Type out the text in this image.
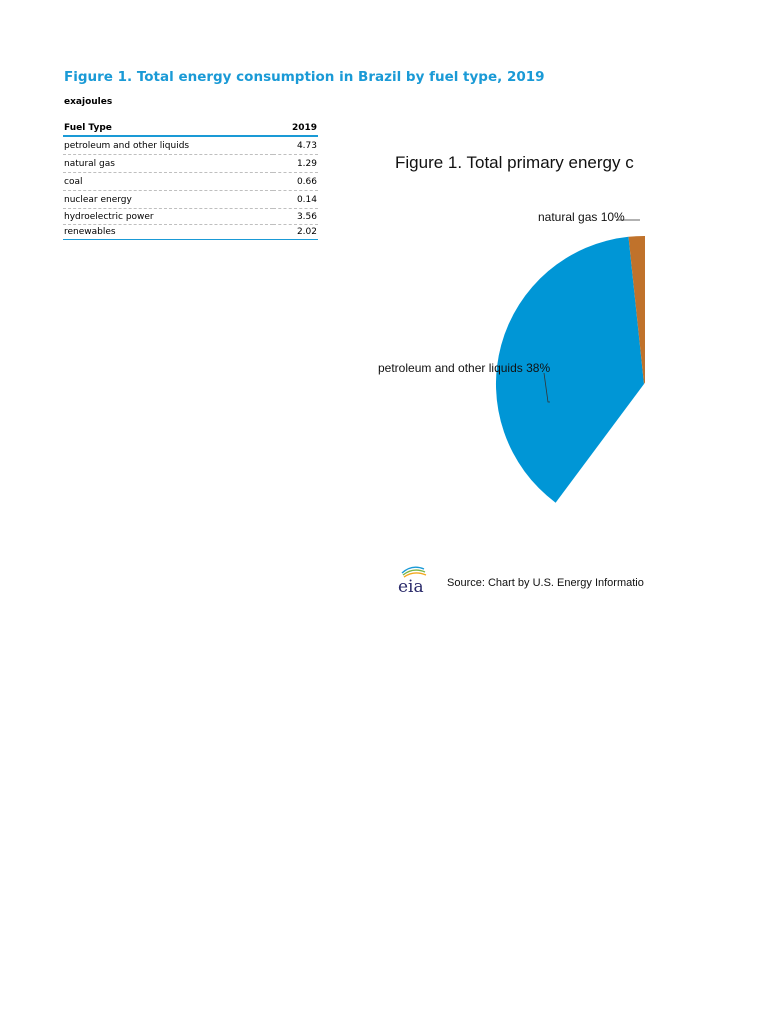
Figure 1. Total energy consumption in Brazil by fuel type, 2019
exajoules
Fuel Type	2019
petroleum and other liquids	4.73
natural gas	1.29
coal	0.66
nuclear energy	0.14
hydroelectric power	3.56
renewables	2.02
Figure 1. Total primary energy c
natural gas 10%
petroleum and other liquids 38%
eia Source: Chart by U.S. Energy Informatio
